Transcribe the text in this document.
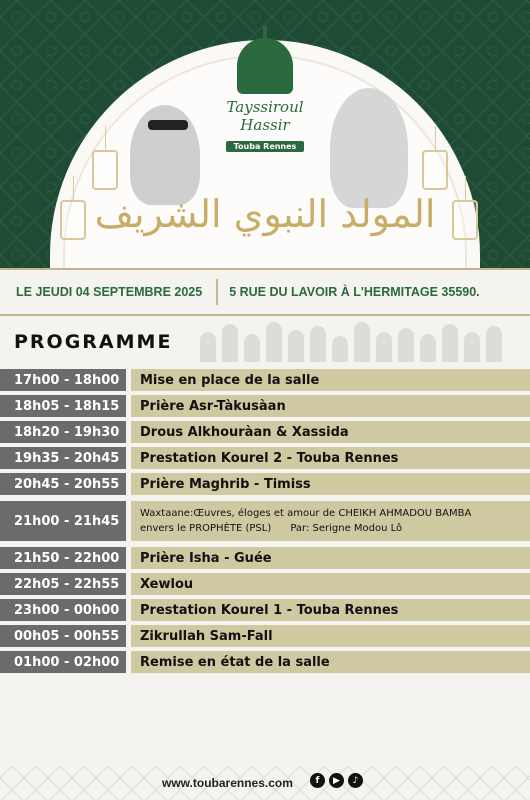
Tayssiroul Hassir
Touba Rennes
المولد النبوي الشريف
LE JEUDI 04 SEPTEMBRE 2025 5 RUE DU LAVOIR À L'HERMITAGE 35590.
PROGRAMME
17h00 - 18h00	Mise en place de la salle
18h05 - 18h15	Prière Asr-Tàkusàan
18h20 - 19h30	Drous Alkhouràan & Xassida
19h35 - 20h45	Prestation Kourel 2 - Touba Rennes
20h45 - 20h55	Prière Maghrib - Timiss
21h00 - 21h45	Waxtaane:Œuvres, éloges et amour de CHEIKH AHMADOU BAMBA
envers le PROPHÈTE (PSL)      Par: Serigne Modou Lô
21h50 - 22h00	Prière Isha - Guée
22h05 - 22h55	Xewlou
23h00 - 00h00	Prestation Kourel 1 - Touba Rennes
00h05 - 00h55	Zikrullah Sam-Fall
01h00 - 02h00	Remise en état de la salle
www.toubarennes.com	f	▶	♪
